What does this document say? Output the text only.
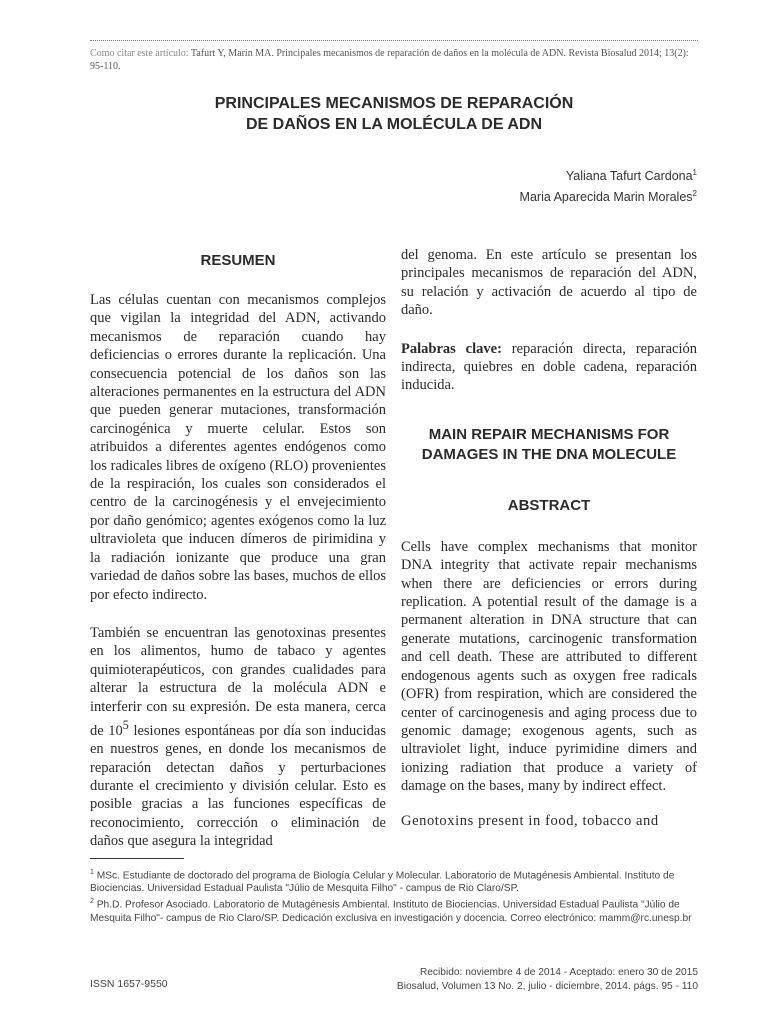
Como citar este artículo: Tafurt Y, Marin MA. Principales mecanismos de reparación de daños en la molécula de ADN. Revista Biosalud 2014; 13(2): 95-110.
PRINCIPALES MECANISMOS DE REPARACIÓN
DE DAÑOS EN LA MOLÉCULA DE ADN
Yaliana Tafurt Cardona$^1$
Maria Aparecida Marin Morales$^2$
RESUMEN

Las células cuentan con mecanismos complejos que vigilan la integridad del ADN, activando mecanismos de reparación cuando hay deficiencias o errores durante la replicación. Una consecuencia potencial de los daños son las alteraciones permanentes en la estructura del ADN que pueden generar mutaciones, transformación carcinogénica y muerte celular. Estos son atribuidos a diferentes agentes endógenos como los radicales libres de oxígeno (RLO) provenientes de la respiración, los cuales son considerados el centro de la carcinogénesis y el envejecimiento por daño genómico; agentes exógenos como la luz ultravioleta que inducen dímeros de pirimidina y la radiación ionizante que produce una gran variedad de daños sobre las bases, muchos de ellos por efecto indirecto.

También se encuentran las genotoxinas presentes en los alimentos, humo de tabaco y agentes quimioterapéuticos, con grandes cualidades para alterar la estructura de la molécula ADN e interferir con su expresión. De esta manera, cerca de $10^5$ lesiones espontáneas por día son inducidas en nuestros genes, en donde los mecanismos de reparación detectan daños y perturbaciones durante el crecimiento y división celular. Esto es posible gracias a las funciones específicas de reconocimiento, corrección o eliminación de daños que asegura la integridad

del genoma. En este artículo se presentan los principales mecanismos de reparación del ADN, su relación y activación de acuerdo al tipo de daño.

Palabras clave: reparación directa, reparación indirecta, quiebres en doble cadena, reparación inducida.

MAIN REPAIR MECHANISMS FOR
DAMAGES IN THE DNA MOLECULE
ABSTRACT

Cells have complex mechanisms that monitor DNA integrity that activate repair mechanisms when there are deficiencies or errors during replication. A potential result of the damage is a permanent alteration in DNA structure that can generate mutations, carcinogenic transformation and cell death. These are attributed to different endogenous agents such as oxygen free radicals (OFR) from respiration, which are considered the center of carcinogenesis and aging process due to genomic damage; exogenous agents, such as ultraviolet light, induce pyrimidine dimers and ionizing radiation that produce a variety of damage on the bases, many by indirect effect.

Genotoxins present in food, tobacco and

$^1$ MSc. Estudiante de doctorado del programa de Biología Celular y Molecular. Laboratorio de Mutagénesis Ambiental. Instituto de Biociencias. Universidad Estadual Paulista "Júlio de Mesquita Filho" - campus de Rio Claro/SP.

$^2$ Ph.D. Profesor Asociado. Laboratorio de Mutagénesis Ambiental. Instituto de Biociencias. Universidad Estadual Paulista "Júlio de Mesquita Filho"- campus de Rio Claro/SP. Dedicación exclusiva en investigación y docencia. Correo electrónico: mamm@rc.unesp.br

ISSN 1657-9550
Recibido: noviembre 4 de 2014 - Aceptado: enero 30 de 2015
Biosalud, Volumen 13 No. 2, julio - diciembre, 2014. págs. 95 - 110
